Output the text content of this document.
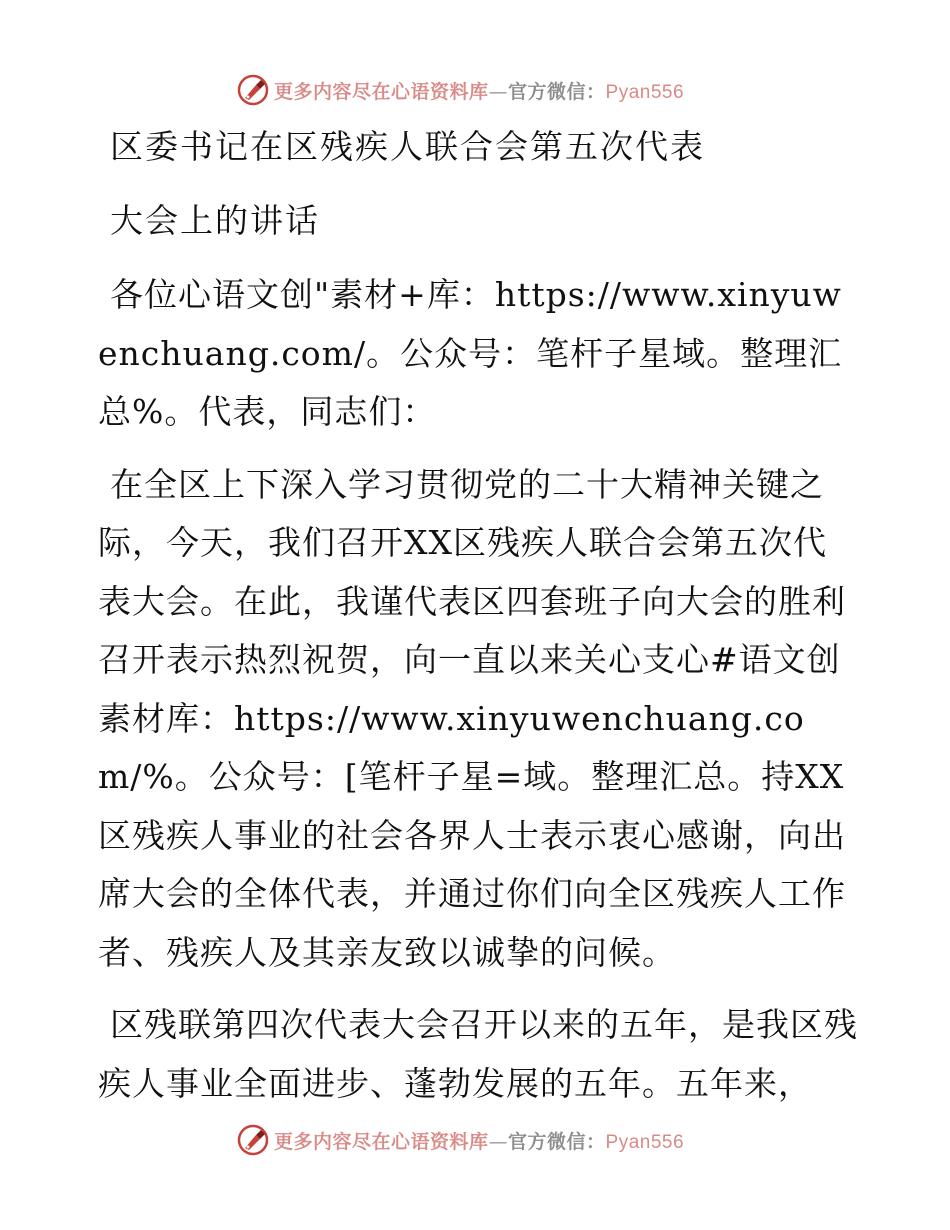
更多内容尽在心语资料库—官方微信：Pyan556
区委书记在区残疾人联合会第五次代表
大会上的讲话

各位心语文创"素材+库：https://www.xinyuwenchuang.com/。公众号：笔杆子星域。整理汇总%。代表，同志们：

在全区上下深入学习贯彻党的二十大精神关键之际，今天，我们召开XX区残疾人联合会第五次代表大会。在此，我谨代表区四套班子向大会的胜利召开表示热烈祝贺，向一直以来关心支心#语文创素材库：https://www.xinyuwenchuang.com/%。公众号：[笔杆子星=域。整理汇总。持XX区残疾人事业的社会各界人士表示衷心感谢，向出席大会的全体代表，并通过你们向全区残疾人工作者、残疾人及其亲友致以诚挚的问候。

区残联第四次代表大会召开以来的五年，是我区残疾人事业全面进步、蓬勃发展的五年。五年来，

更多内容尽在心语资料库—官方微信：Pyan556
